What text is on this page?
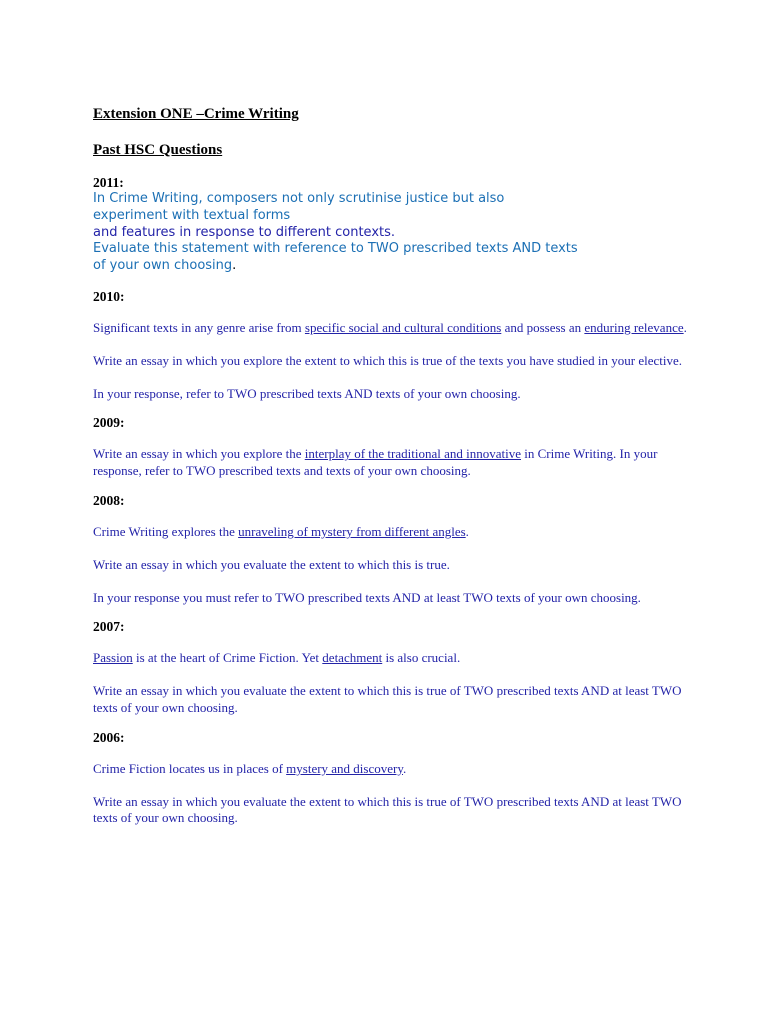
Extension ONE –Crime Writing

Past HSC Questions

2011:

In Crime Writing, composers not only scrutinise justice but also
experiment with textual forms
and features in response to different contexts.
Evaluate this statement with reference to TWO prescribed texts AND texts
of your own choosing.

2010:

Significant texts in any genre arise from specific social and cultural conditions and possess an enduring relevance.

Write an essay in which you explore the extent to which this is true of the texts you have studied in your elective.

In your response, refer to TWO prescribed texts AND texts of your own choosing.

2009:

Write an essay in which you explore the interplay of the traditional and innovative in Crime Writing. In your response, refer to TWO prescribed texts and texts of your own choosing.

2008:

Crime Writing explores the unraveling of mystery from different angles.

Write an essay in which you evaluate the extent to which this is true.

In your response you must refer to TWO prescribed texts AND at least TWO texts of your own choosing.

2007:

Passion is at the heart of Crime Fiction. Yet detachment is also crucial.

Write an essay in which you evaluate the extent to which this is true of TWO prescribed texts AND at least TWO texts of your own choosing.

2006:

Crime Fiction locates us in places of mystery and discovery.

Write an essay in which you evaluate the extent to which this is true of TWO prescribed texts AND at least TWO texts of your own choosing.
